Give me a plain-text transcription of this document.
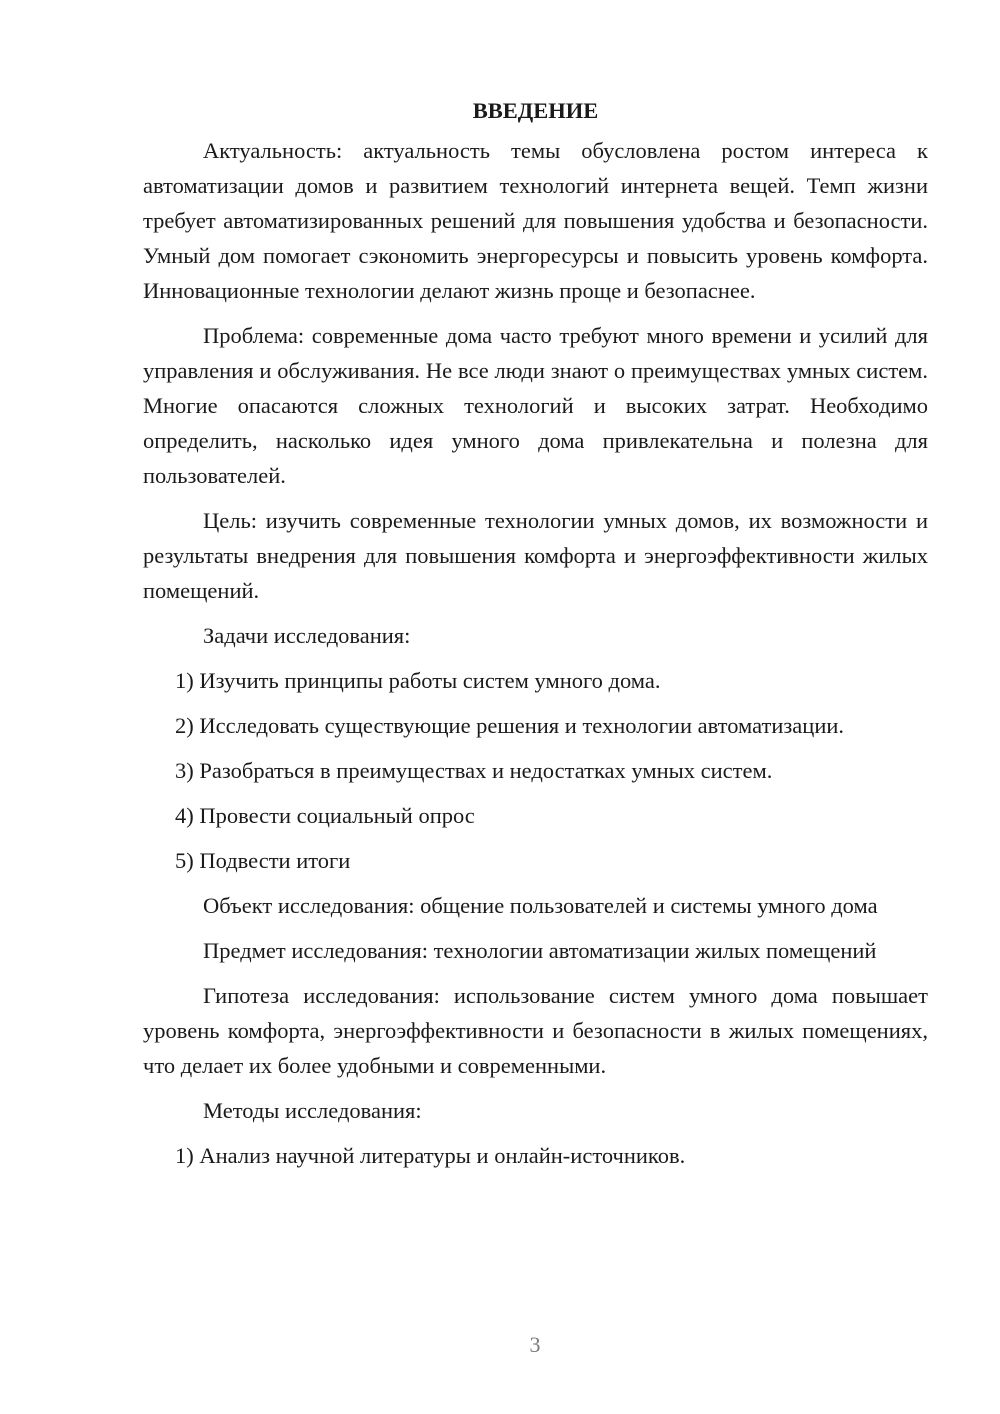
ВВЕДЕНИЕ

Актуальность: актуальность темы обусловлена ростом интереса к автоматизации домов и развитием технологий интернета вещей. Темп жизни требует автоматизированных решений для повышения удобства и безопасности. Умный дом помогает сэкономить энергоресурсы и повысить уровень комфорта. Инновационные технологии делают жизнь проще и безопаснее.

Проблема: современные дома часто требуют много времени и усилий для управления и обслуживания. Не все люди знают о преимуществах умных систем. Многие опасаются сложных технологий и высоких затрат. Необходимо определить, насколько идея умного дома привлекательна и полезна для пользователей.

Цель: изучить современные технологии умных домов, их возможности и результаты внедрения для повышения комфорта и энергоэффективности жилых помещений.

Задачи исследования:

1) Изучить принципы работы систем умного дома.

2) Исследовать существующие решения и технологии автоматизации.

3) Разобраться в преимуществах и недостатках умных систем.

4) Провести социальный опрос

5) Подвести итоги

Объект исследования: общение пользователей и системы умного дома

Предмет исследования: технологии автоматизации жилых помещений

Гипотеза исследования: использование систем умного дома повышает уровень комфорта, энергоэффективности и безопасности в жилых помещениях, что делает их более удобными и современными.

Методы исследования:

1) Анализ научной литературы и онлайн-источников.

3
